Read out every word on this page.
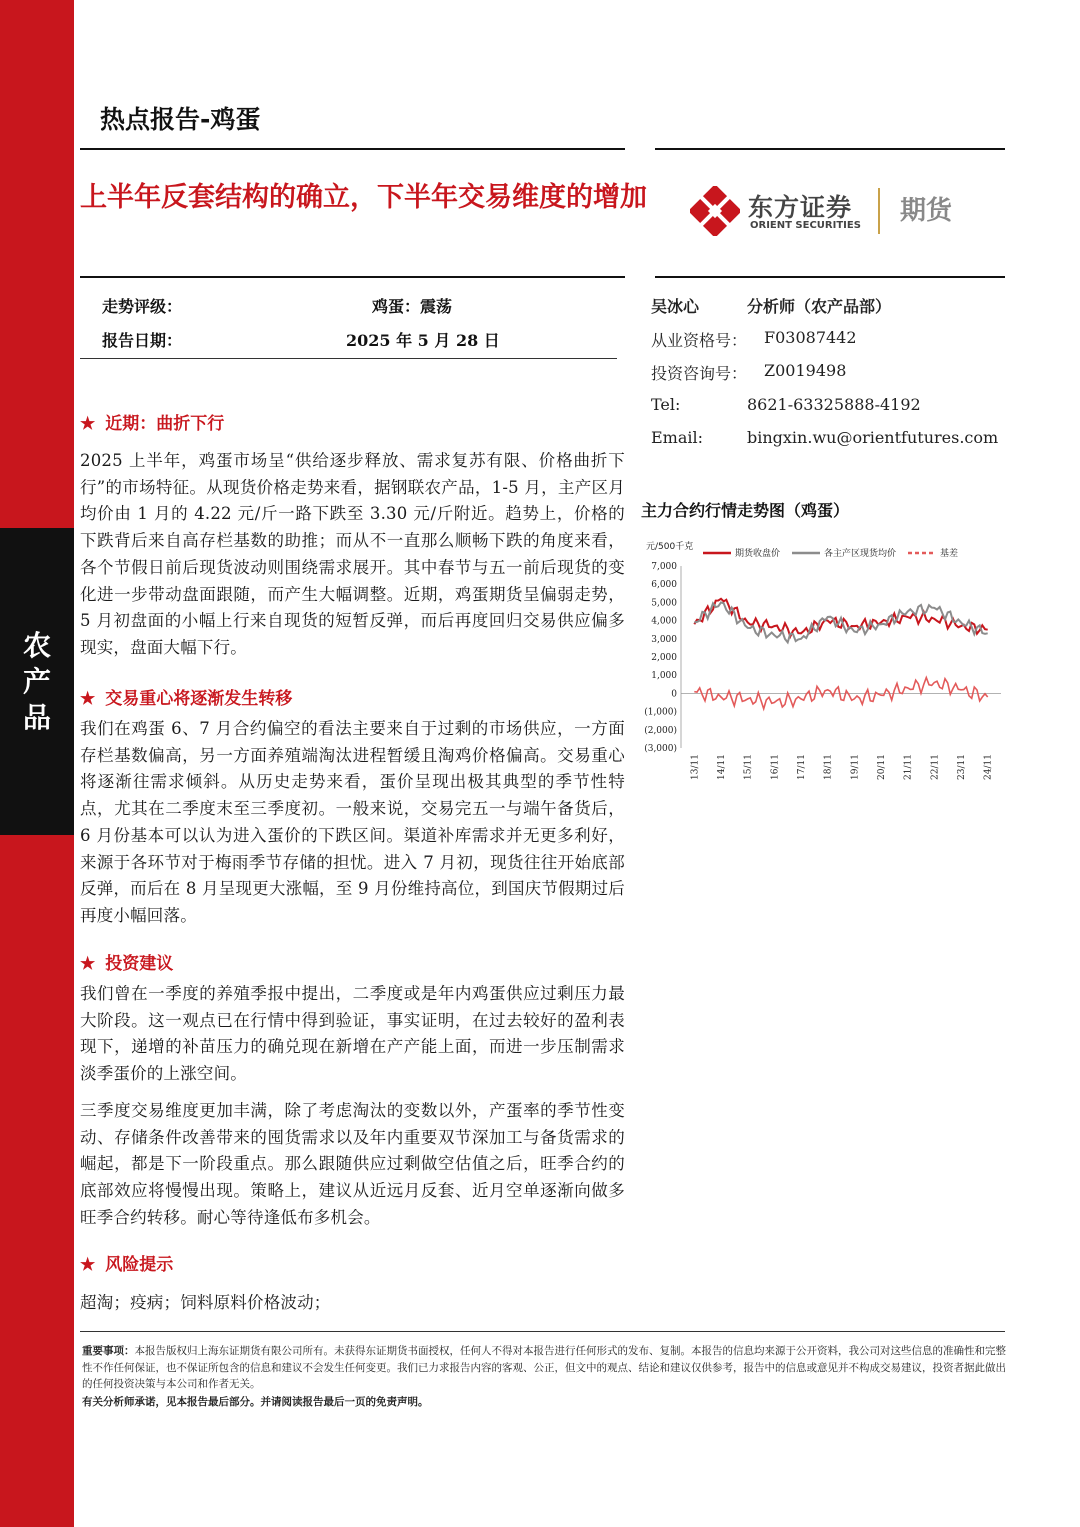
农
产
品
热点报告-鸡蛋
上半年反套结构的确立，下半年交易维度的增加	东方证券
ORIENT SECURITIES 期货
走势评级：	鸡蛋：震荡
报告日期：	2025 年 5 月 28 日
吴冰心	分析师（农产品部）
从业资格号： F03087442
投资咨询号： Z0019498
Tel:	8621-63325888-4192
Email:	bingxin.wu@orientfutures.com
★ 近期：曲折下行
2025 上半年，鸡蛋市场呈“供给逐步释放、需求复苏有限、价格曲折下行”的市场特征。从现货价格走势来看，据钢联农产品，1-5 月，主产区月均价由 1 月的 4.22 元/斤一路下跌至 3.30 元/斤附近。趋势上，价格的下跌背后来自高存栏基数的助推；而从不一直那么顺畅下跌的角度来看，各个节假日前后现货波动则围绕需求展开。其中春节与五一前后现货的变化进一步带动盘面跟随，而产生大幅调整。近期，鸡蛋期货呈偏弱走势，5 月初盘面的小幅上行来自现货的短暂反弹，而后再度回归交易供应偏多现实，盘面大幅下行。
★ 交易重心将逐渐发生转移
我们在鸡蛋 6、7 月合约偏空的看法主要来自于过剩的市场供应，一方面存栏基数偏高，另一方面养殖端淘汰进程暂缓且淘鸡价格偏高。交易重心将逐渐往需求倾斜。从历史走势来看，蛋价呈现出极其典型的季节性特点，尤其在二季度末至三季度初。一般来说，交易完五一与端午备货后，6 月份基本可以认为进入蛋价的下跌区间。渠道补库需求并无更多利好，来源于各环节对于梅雨季节存储的担忧。进入 7 月初，现货往往开始底部反弹，而后在 8 月呈现更大涨幅，至 9 月份维持高位，到国庆节假期过后再度小幅回落。
★ 投资建议
我们曾在一季度的养殖季报中提出，二季度或是年内鸡蛋供应过剩压力最大阶段。这一观点已在行情中得到验证，事实证明，在过去较好的盈利表现下，递增的补苗压力的确兑现在新增在产产能上面，而进一步压制需求淡季蛋价的上涨空间。
三季度交易维度更加丰满，除了考虑淘汰的变数以外，产蛋率的季节性变动、存储条件改善带来的囤货需求以及年内重要双节深加工与备货需求的崛起，都是下一阶段重点。那么跟随供应过剩做空估值之后，旺季合约的底部效应将慢慢出现。策略上，建议从近远月反套、近月空单逐渐向做多旺季合约转移。耐心等待逢低布多机会。
★ 风险提示
超淘；疫病；饲料原料价格波动；
主力合约行情走势图（鸡蛋）
元/500千克
期货收盘价	各主产区现货均价	基差
7,000
6,000
5,000
4,000
3,000
2,000
1,000
0
(1,000)
(2,000)
(3,000)
13/11 14/11 15/11 16/11 17/11 18/11 19/11 20/11 21/11 22/11 23/11 24/11
重要事项：本报告版权归上海东证期货有限公司所有。未获得东证期货书面授权，任何人不得对本报告进行任何形式的发布、复制。本报告的信息均来源于公开资料，我公司对这些信息的准确性和完整性不作任何保证，也不保证所包含的信息和建议不会发生任何变更。我们已力求报告内容的客观、公正，但文中的观点、结论和建议仅供参考，报告中的信息或意见并不构成交易建议，投资者据此做出的任何投资决策与本公司和作者无关。
有关分析师承诺，见本报告最后部分。并请阅读报告最后一页的免责声明。
